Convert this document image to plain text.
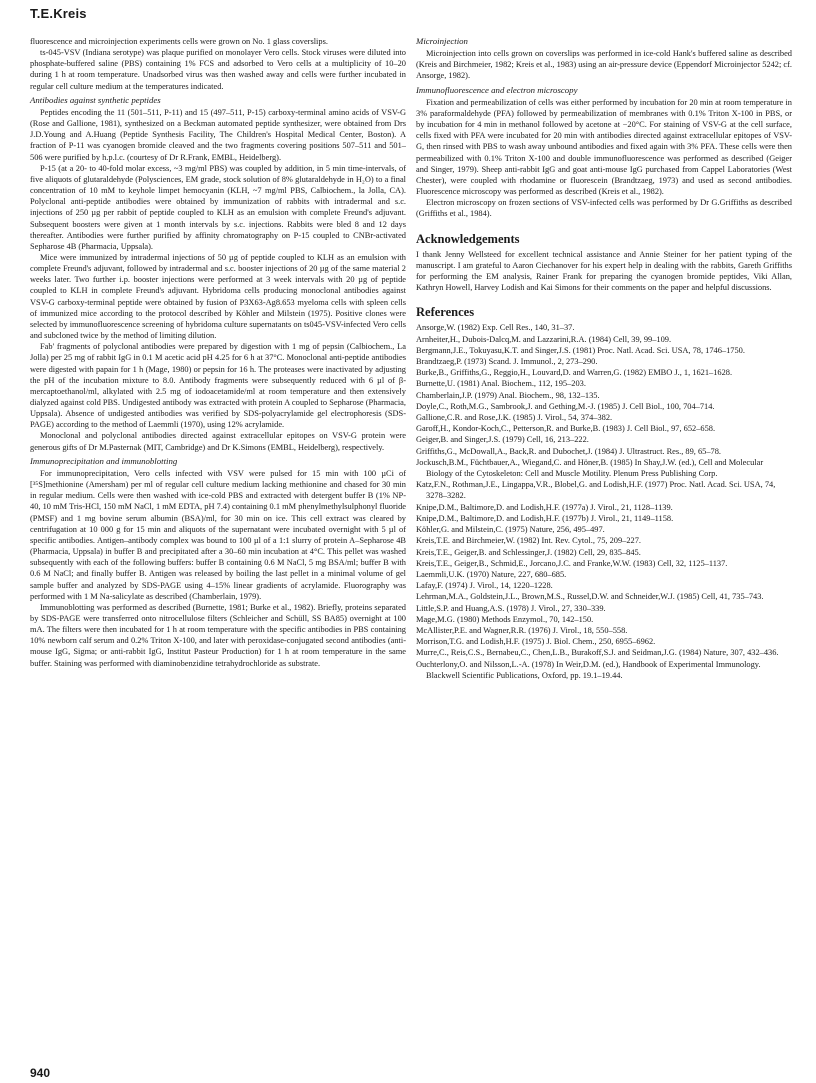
T.E.Kreis

fluorescence and microinjection experiments cells were grown on No. 1 glass coverslips.

ts-045-VSV (Indiana serotype) was plaque purified on monolayer Vero cells. Stock viruses were diluted into phosphate-buffered saline (PBS) containing 1% FCS and adsorbed to Vero cells at a multiplicity of 10–20 during 1 h at room temperature. Unadsorbed virus was then washed away and cells were further incubated in regular cell culture medium at the temperatures indicated.

Antibodies against synthetic peptides

Peptides encoding the 11 (501–511, P-11) and 15 (497–511, P-15) carboxy-terminal amino acids of VSV-G (Rose and Gallione, 1981), synthesized on a Beckman automated peptide synthesizer, were obtained from Drs J.D.Young and A.Huang (Peptide Synthesis Facility, The Children's Hospital Medical Center, Boston). A fraction of P-11 was cyanogen bromide cleaved and the two fragments covering positions 507–511 and 501–506 were purified by h.p.l.c. (courtesy of Dr R.Frank, EMBL, Heidelberg).

P-15 (at a 20- to 40-fold molar excess, ~3 mg/ml PBS) was coupled by addition, in 5 min time-intervals, of five aliquots of glutaraldehyde (Polysciences, EM grade, stock solution of 8% glutaraldehyde in H₂O) to a final concentration of 10 mM to keyhole limpet hemocyanin (KLH, ~7 mg/ml PBS, Calbiochem., la Jolla, CA). Polyclonal anti-peptide antibodies were obtained by immunization of rabbits with intradermal and s.c. injections of 250 µg per rabbit of peptide coupled to KLH as an emulsion with complete Freund's adjuvant. Subsequent boosters were given at 1 month intervals by s.c. injections. Rabbits were bled 8 and 12 days thereafter. Antibodies were further purified by affinity chromatography on P-15 coupled to CNBr-activated Sepharose 4B (Pharmacia, Uppsala).

Mice were immunized by intradermal injections of 50 µg of peptide coupled to KLH as an emulsion with complete Freund's adjuvant, followed by intradermal and s.c. booster injections of 20 µg of the same material 2 weeks later. Two further i.p. booster injections were performed at 3 week intervals with 20 µg of peptide coupled to KLH in complete Freund's adjuvant. Hybridoma cells producing monoclonal antibodies against VSV-G carboxy-terminal peptide were obtained by fusion of P3X63-Ag8.653 myeloma cells with spleen cells of immunized mice according to the protocol described by Köhler and Milstein (1975). Positive clones were selected by immunofluorescence screening of hybridoma culture supernatants on ts045-VSV-infected Vero cells and subcloned twice by the method of limiting dilution.

Fab' fragments of polyclonal antibodies were prepared by digestion with 1 mg of pepsin (Calbiochem., La Jolla) per 25 mg of rabbit IgG in 0.1 M acetic acid pH 4.25 for 6 h at 37°C. Monoclonal anti-peptide antibodies were digested with papain for 1 h (Mage, 1980) or pepsin for 16 h. The proteases were inactivated by adjusting the pH of the incubation mixture to 8.0. Antibody fragments were subsequently reduced with 6 µl of β-mercaptoethanol/ml, alkylated with 2.5 mg of iodoacetamide/ml at room temperature and then extensively dialyzed against cold PBS. Undigested antibody was extracted with protein A coupled to Sepharose (Pharmacia, Uppsala). Absence of undigested antibodies was verified by SDS-polyacrylamide gel electrophoresis (SDS-PAGE) according to the method of Laemmli (1970), using 12% acrylamide.

Monoclonal and polyclonal antibodies directed against extracellular epitopes on VSV-G protein were generous gifts of Dr M.Pasternak (MIT, Cambridge) and Dr K.Simons (EMBL, Heidelberg), respectively.

Immunoprecipitation and immunoblotting

For immunoprecipitation, Vero cells infected with VSV were pulsed for 15 min with 100 µCi of [³⁵S]methionine (Amersham) per ml of regular cell culture medium lacking methionine and chased for 30 min in regular medium. Cells were then washed with ice-cold PBS and extracted with detergent buffer B (1% NP-40, 10 mM Tris-HCl, 150 mM NaCl, 1 mM EDTA, pH 7.4) containing 0.1 mM phenylmethylsulphonyl fluoride (PMSF) and 1 mg bovine serum albumin (BSA)/ml, for 30 min on ice. This cell extract was cleared by centrifugation at 10 000 g for 15 min and aliquots of the supernatant were incubated overnight with 5 µl of specific antibodies. Antigen–antibody complex was bound to 100 µl of a 1:1 slurry of protein A–Sepharose 4B (Pharmacia, Uppsala) in buffer B and precipitated after a 30–60 min incubation at 4°C. This pellet was washed subsequently with each of the following buffers: buffer B containing 0.6 M NaCl, 5 mg BSA/ml; buffer B with 0.6 M NaCl; and finally buffer B. Antigen was released by boiling the last pellet in a minimal volume of gel sample buffer and analyzed by SDS-PAGE using 4–15% linear gradients of acrylamide. Fluorography was performed with 1 M Na-salicylate as described (Chamberlain, 1979).

Immunoblotting was performed as described (Burnette, 1981; Burke et al., 1982). Briefly, proteins separated by SDS-PAGE were transferred onto nitrocellulose filters (Schleicher and Schüll, SS BA85) overnight at 100 mA. The filters were then incubated for 1 h at room temperature with the specific antibodies in PBS containing 10% newborn calf serum and 0.2% Triton X-100, and later with peroxidase-conjugated second antibodies (anti-mouse IgG, Sigma; or anti-rabbit IgG, Institut Pasteur Production) for 1 h at room temperature in the same buffer. Staining was performed with diaminobenzidine tetrahydrochloride as substrate.

Microinjection

Microinjection into cells grown on coverslips was performed in ice-cold Hank's buffered saline as described (Kreis and Birchmeier, 1982; Kreis et al., 1983) using an air-pressure device (Eppendorf Microinjector 5242; cf. Ansorge, 1982).

Immunofluorescence and electron microscopy

Fixation and permeabilization of cells was either performed by incubation for 20 min at room temperature in 3% paraformaldehyde (PFA) followed by permeabilization of membranes with 0.1% Triton X-100 in PBS, or by incubation for 4 min in methanol followed by acetone at −20°C. For staining of VSV-G at the cell surface, cells fixed with PFA were incubated for 20 min with antibodies directed against extracellular epitopes of VSV-G, then rinsed with PBS to wash away unbound antibodies and fixed again with 3% PFA. These cells were then permeabilized with 0.1% Triton X-100 and double immunofluorescence was performed as described (Geiger and Singer, 1979). Sheep anti-rabbit IgG and goat anti-mouse IgG purchased from Cappel Laboratories (West Chester), were coupled with rhodamine or fluorescein (Brandtzaeg, 1973) and used as second antibodies. Fluorescence microscopy was performed as described (Kreis et al., 1982).

Electron microscopy on frozen sections of VSV-infected cells was performed by Dr G.Griffiths as described (Griffiths et al., 1984).

Acknowledgements

I thank Jenny Wellsteed for excellent technical assistance and Annie Steiner for her patient typing of the manuscript. I am grateful to Aaron Ciechanover for his expert help in dealing with the rabbits, Gareth Griffiths for performing the EM analysis, Rainer Frank for preparing the cyanogen bromide peptides, Viki Allan, Kathryn Howell, Harvey Lodish and Kai Simons for their comments on the paper and helpful discussions.

References
Ansorge,W. (1982) Exp. Cell Res., 140, 31–37.
Arnheiter,H., Dubois-Dalcq,M. and Lazzarini,R.A. (1984) Cell, 39, 99–109.
Bergmann,J.E., Tokuyasu,K.T. and Singer,J.S. (1981) Proc. Natl. Acad. Sci. USA, 78, 1746–1750.
Brandtzaeg,P. (1973) Scand. J. Immunol., 2, 273–290.
Burke,B., Griffiths,G., Reggio,H., Louvard,D. and Warren,G. (1982) EMBO J., 1, 1621–1628.
Burnette,U. (1981) Anal. Biochem., 112, 195–203.
Chamberlain,J.P. (1979) Anal. Biochem., 98, 132–135.
Doyle,C., Roth,M.G., Sambrook,J. and Gething,M.-J. (1985) J. Cell Biol., 100, 704–714.
Gallione,C.R. and Rose,J.K. (1985) J. Virol., 54, 374–382.
Garoff,H., Kondor-Koch,C., Petterson,R. and Burke,B. (1983) J. Cell Biol., 97, 652–658.
Geiger,B. and Singer,J.S. (1979) Cell, 16, 213–222.
Griffiths,G., McDowall,A., Back,R. and Dubochet,J. (1984) J. Ultrastruct. Res., 89, 65–78.
Jockusch,B.M., Füchtbauer,A., Wiegand,C. and Höner,B. (1985) In Shay,J.W. (ed.), Cell and Molecular Biology of the Cytoskeleton: Cell and Muscle Motility. Plenum Press Publishing Corp.
Katz,F.N., Rothman,J.E., Lingappa,V.R., Blobel,G. and Lodish,H.F. (1977) Proc. Natl. Acad. Sci. USA, 74, 3278–3282.
Knipe,D.M., Baltimore,D. and Lodish,H.F. (1977a) J. Virol., 21, 1128–1139.
Knipe,D.M., Baltimore,D. and Lodish,H.F. (1977b) J. Virol., 21, 1149–1158.
Köhler,G. and Milstein,C. (1975) Nature, 256, 495–497.
Kreis,T.E. and Birchmeier,W. (1982) Int. Rev. Cytol., 75, 209–227.
Kreis,T.E., Geiger,B. and Schlessinger,J. (1982) Cell, 29, 835–845.
Kreis,T.E., Geiger,B., Schmid,E., Jorcano,J.C. and Franke,W.W. (1983) Cell, 32, 1125–1137.
Laemmli,U.K. (1970) Nature, 227, 680–685.
Lafay,F. (1974) J. Virol., 14, 1220–1228.
Lehrman,M.A., Goldstein,J.L., Brown,M.S., Russel,D.W. and Schneider,W.J. (1985) Cell, 41, 735–743.
Little,S.P. and Huang,A.S. (1978) J. Virol., 27, 330–339.
Mage,M.G. (1980) Methods Enzymol., 70, 142–150.
McAllister,P.E. and Wagner,R.R. (1976) J. Virol., 18, 550–558.
Morrison,T.G. and Lodish,H.F. (1975) J. Biol. Chem., 250, 6955–6962.
Murre,C., Reis,C.S., Bernabeu,C., Chen,L.B., Burakoff,S.J. and Seidman,J.G. (1984) Nature, 307, 432–436.
Ouchterlony,O. and Nilsson,L.-A. (1978) In Weir,D.M. (ed.), Handbook of Experimental Immunology. Blackwell Scientific Publications, Oxford, pp. 19.1–19.44.
940
